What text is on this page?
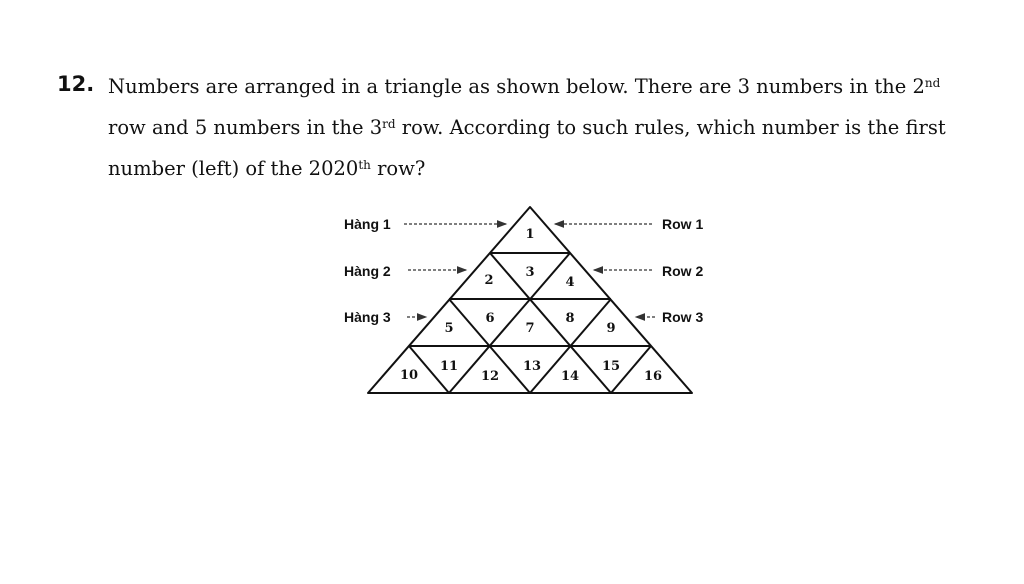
12. Numbers are arranged in a triangle as shown below. There are 3 numbers in the 2nd

row and 5 numbers in the 3rd row. According to such rules, which number is the first

number (left) of the 2020th row?

1
2
3
4
5
6
7
8
9
10
11
12
13
14
15
16
Hàng 1
Hàng 2
Hàng 3
Row 1
Row 2
Row 3
